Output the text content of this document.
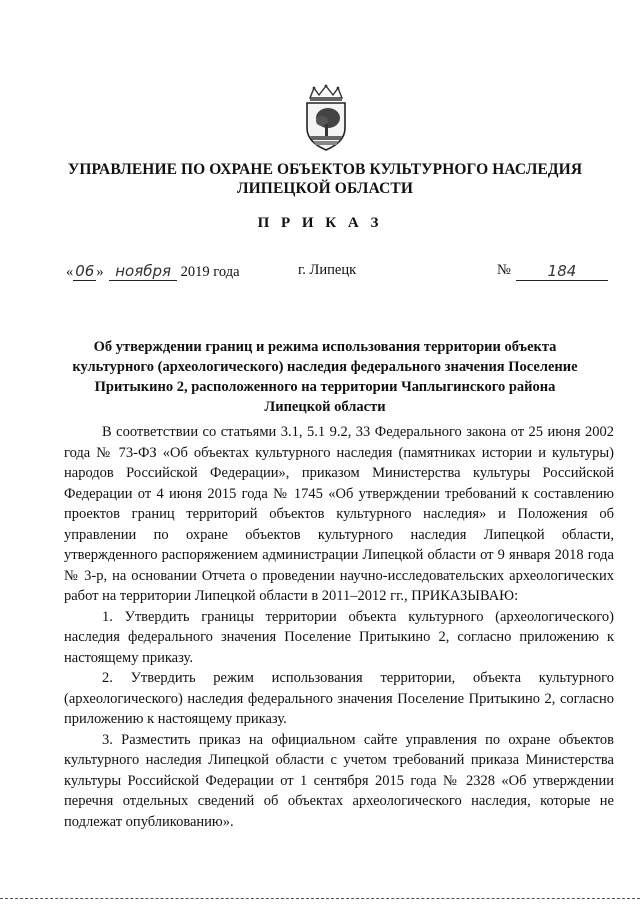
УПРАВЛЕНИЕ ПО ОХРАНЕ ОБЪЕКТОВ КУЛЬТУРНОГО НАСЛЕДИЯ
ЛИПЕЦКОЙ ОБЛАСТИ
П Р И К А З
« 06 » ноября 2019 года	г. Липецк	№	184
Об утверждении границ и режима использования территории объекта
культурного (археологического) наследия федерального значения Поселение
Притыкино 2, расположенного на территории Чаплыгинского района
Липецкой области

В соответствии со статьями 3.1, 5.1 9.2, 33 Федерального закона от 25 июня 2002 года № 73-ФЗ «Об объектах культурного наследия (памятниках истории и культуры) народов Российской Федерации», приказом Министерства культуры Российской Федерации от 4 июня 2015 года № 1745 «Об утверждении требований к составлению проектов границ территорий объектов культурного наследия» и Положения об управлении по охране объектов культурного наследия Липецкой области, утвержденного распоряжением администрации Липецкой области от 9 января 2018 года № 3-р, на основании Отчета о проведении научно-исследовательских археологических работ на территории Липецкой области в 2011–2012 гг., ПРИКАЗЫВАЮ:

1. Утвердить границы территории объекта культурного (археологического) наследия федерального значения Поселение Притыкино 2, согласно приложению к настоящему приказу.

2. Утвердить режим использования территории, объекта культурного (археологического) наследия федерального значения Поселение Притыкино 2, согласно приложению к настоящему приказу.

3. Разместить приказ на официальном сайте управления по охране объектов культурного наследия Липецкой области с учетом требований приказа Министерства культуры Российской Федерации от 1 сентября 2015 года № 2328 «Об утверждении перечня отдельных сведений об объектах археологического наследия, которые не подлежат опубликованию».
